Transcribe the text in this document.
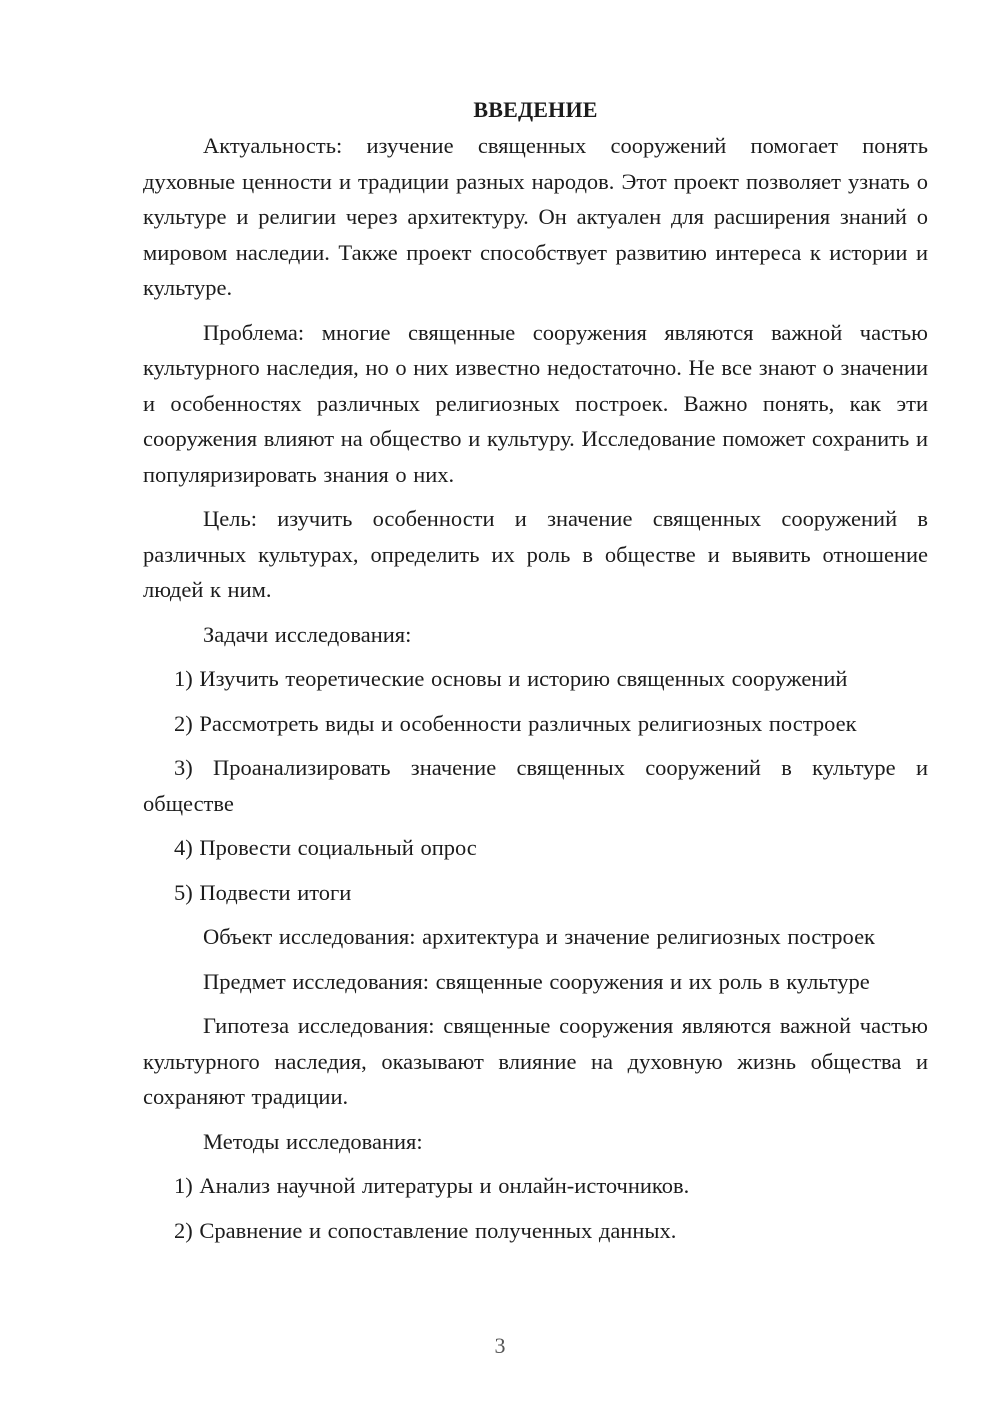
ВВЕДЕНИЕ

Актуальность: изучение священных сооружений помогает понять духовные ценности и традиции разных народов. Этот проект позволяет узнать о культуре и религии через архитектуру. Он актуален для расширения знаний о мировом наследии. Также проект способствует развитию интереса к истории и культуре.

Проблема: многие священные сооружения являются важной частью культурного наследия, но о них известно недостаточно. Не все знают о значении и особенностях различных религиозных построек. Важно понять, как эти сооружения влияют на общество и культуру. Исследование поможет сохранить и популяризировать знания о них.

Цель: изучить особенности и значение священных сооружений в различных культурах, определить их роль в обществе и выявить отношение людей к ним.

Задачи исследования:

1) Изучить теоретические основы и историю священных сооружений

2) Рассмотреть виды и особенности различных религиозных построек

3) Проанализировать значение священных сооружений в культуре и обществе

4) Провести социальный опрос

5) Подвести итоги

Объект исследования: архитектура и значение религиозных построек

Предмет исследования: священные сооружения и их роль в культуре

Гипотеза исследования: священные сооружения являются важной частью культурного наследия, оказывают влияние на духовную жизнь общества и сохраняют традиции.

Методы исследования:

1) Анализ научной литературы и онлайн-источников.

2) Сравнение и сопоставление полученных данных.

3
